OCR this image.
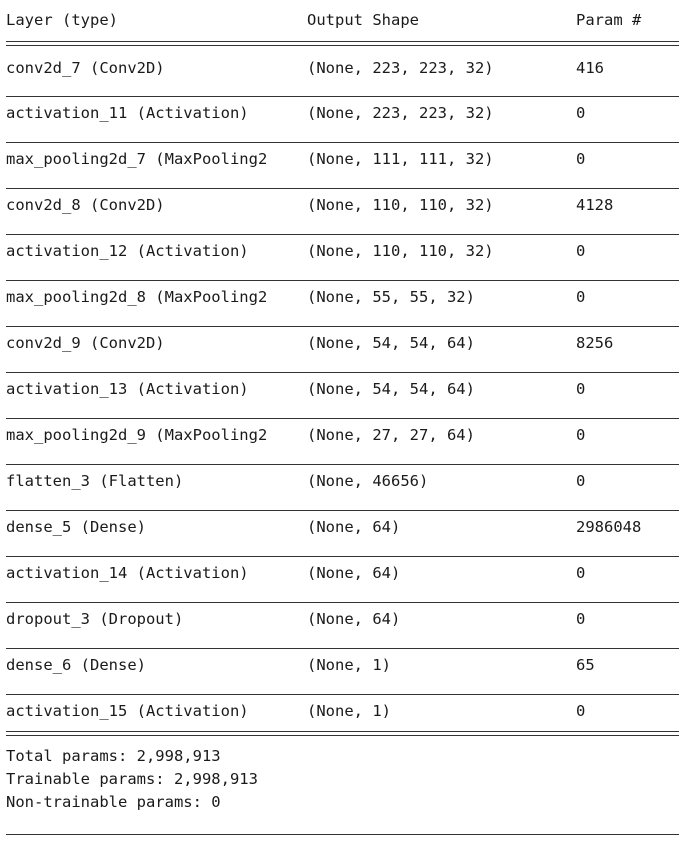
Layer (type)	Output Shape	Param #
conv2d_7 (Conv2D)	(None, 223, 223, 32)	416
activation_11 (Activation)	(None, 223, 223, 32)	0
max_pooling2d_7 (MaxPooling2	(None, 111, 111, 32)	0
conv2d_8 (Conv2D)	(None, 110, 110, 32)	4128
activation_12 (Activation)	(None, 110, 110, 32)	0
max_pooling2d_8 (MaxPooling2	(None, 55, 55, 32)	0
conv2d_9 (Conv2D)	(None, 54, 54, 64)	8256
activation_13 (Activation)	(None, 54, 54, 64)	0
max_pooling2d_9 (MaxPooling2	(None, 27, 27, 64)	0
flatten_3 (Flatten)	(None, 46656)	0
dense_5 (Dense)	(None, 64)	2986048
activation_14 (Activation)	(None, 64)	0
dropout_3 (Dropout)	(None, 64)	0
dense_6 (Dense)	(None, 1)	65
activation_15 (Activation)	(None, 1)	0
Total params: 2,998,913
Trainable params: 2,998,913
Non-trainable params: 0
